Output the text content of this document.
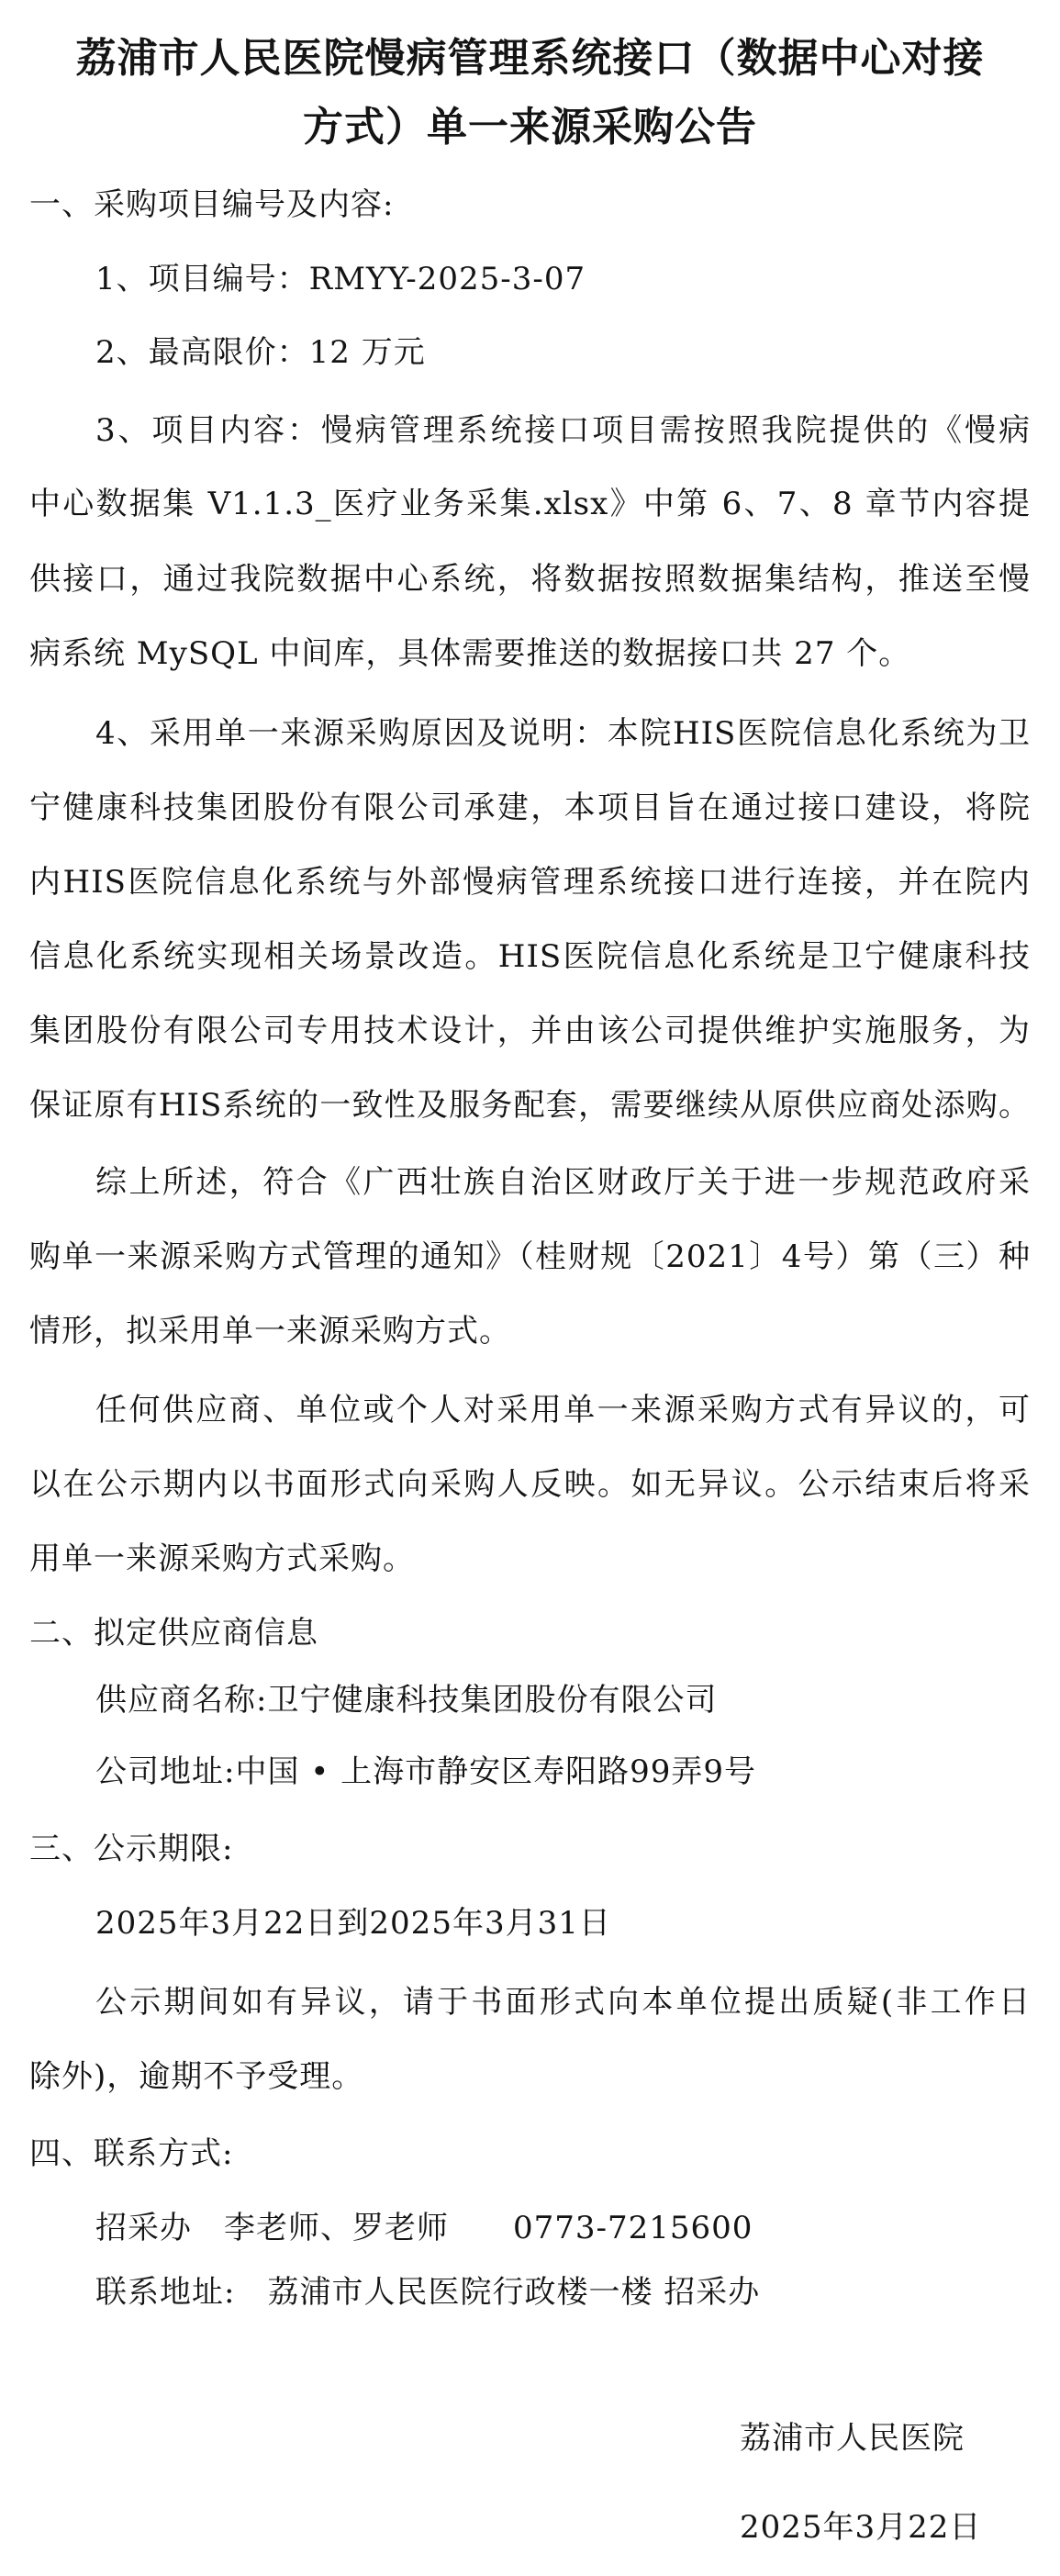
荔浦市人民医院慢病管理系统接口（数据中心对接
方式）单一来源采购公告
一、采购项目编号及内容:
1、项目编号：RMYY-2025-3-07
2、最高限价：12 万元
3、项目内容：慢病管理系统接口项目需按照我院提供的《慢病
中心数据集 V1.1.3_医疗业务采集.xlsx》中第 6、7、8 章节内容提
供接口，通过我院数据中心系统，将数据按照数据集结构，推送至慢
病系统 MySQL 中间库，具体需要推送的数据接口共 27 个。
4、采用单一来源采购原因及说明：本院HIS医院信息化系统为卫
宁健康科技集团股份有限公司承建，本项目旨在通过接口建设，将院
内HIS医院信息化系统与外部慢病管理系统接口进行连接，并在院内
信息化系统实现相关场景改造。HIS医院信息化系统是卫宁健康科技
集团股份有限公司专用技术设计，并由该公司提供维护实施服务，为
保证原有HIS系统的一致性及服务配套，需要继续从原供应商处添购。
综上所述，符合《广西壮族自治区财政厅关于进一步规范政府采
购单一来源采购方式管理的通知》（桂财规〔2021〕4号）第（三）种
情形，拟采用单一来源采购方式。
任何供应商、单位或个人对采用单一来源采购方式有异议的，可
以在公示期内以书面形式向采购人反映。如无异议。公示结束后将采
用单一来源采购方式采购。
二、拟定供应商信息
供应商名称:卫宁健康科技集团股份有限公司
公司地址:中国 • 上海市静安区寿阳路99弄9号
三、公示期限:
2025年3月22日到2025年3月31日
公示期间如有异议，请于书面形式向本单位提出质疑(非工作日
除外)，逾期不予受理。
四、联系方式:
招采办　李老师、罗老师　　0773-7215600
联系地址:　荔浦市人民医院行政楼一楼 招采办
荔浦市人民医院
2025年3月22日
